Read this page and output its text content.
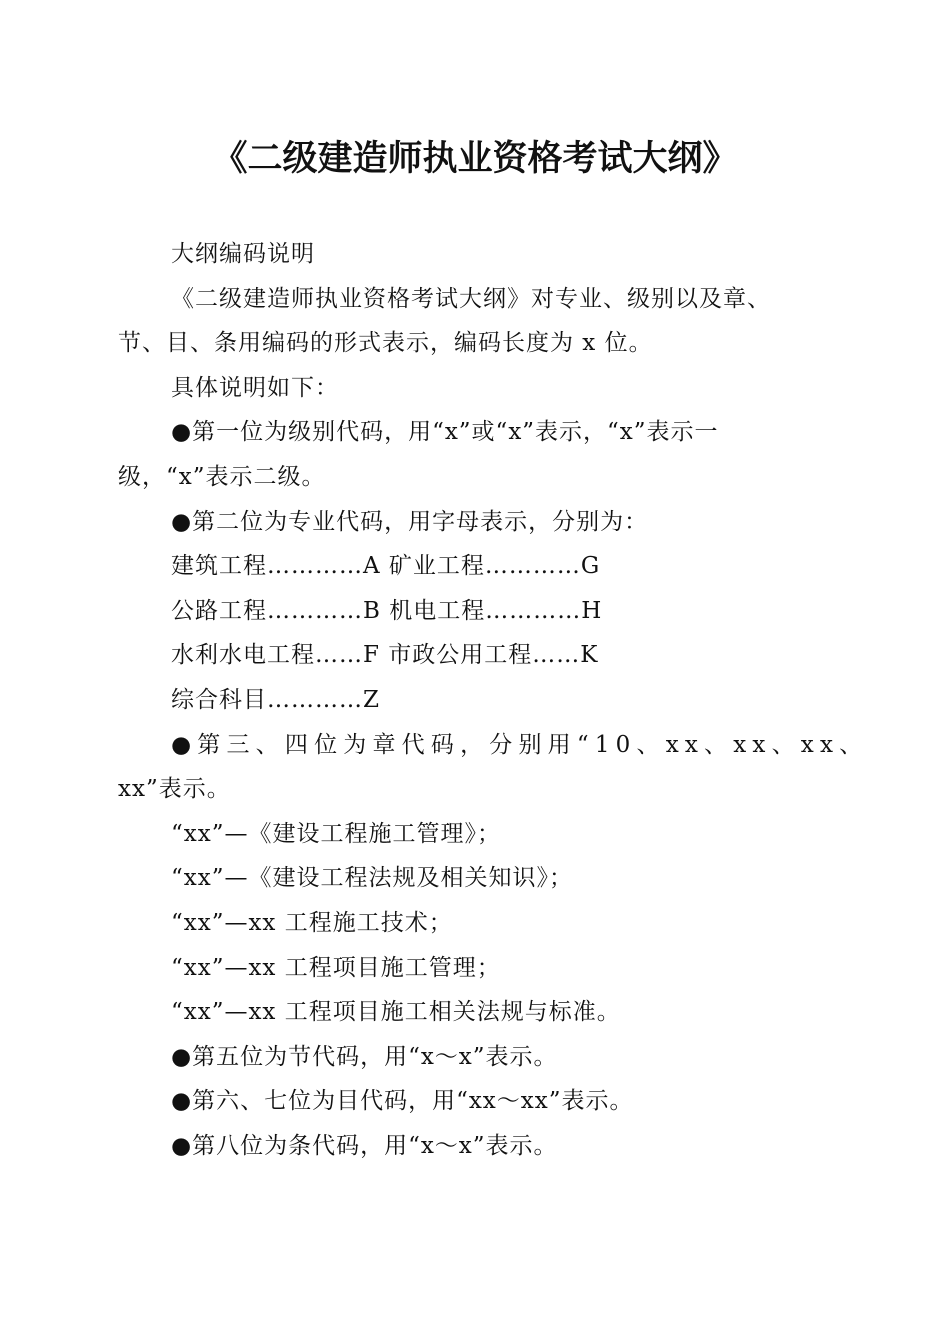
《二级建造师执业资格考试大纲》

大纲编码说明

《二级建造师执业资格考试大纲》对专业、级别以及章、

节、目、条用编码的形式表示，编码长度为 x 位。

具体说明如下：

●第一位为级别代码，用“x”或“x”表示，“x”表示一

级，“x”表示二级。

●第二位为专业代码，用字母表示，分别为：

建筑工程…………A 矿业工程…………G

公路工程…………B 机电工程…………H

水利水电工程……F 市政公用工程……K

综合科目…………Z

●第三、四位为章代码，分别用“10、xx、xx、xx、

xx”表示。

“xx”—《建设工程施工管理》；

“xx”—《建设工程法规及相关知识》；

“xx”—xx 工程施工技术；

“xx”—xx 工程项目施工管理；

“xx”—xx 工程项目施工相关法规与标准。

●第五位为节代码，用“x～x”表示。

●第六、七位为目代码，用“xx～xx”表示。

●第八位为条代码，用“x～x”表示。
